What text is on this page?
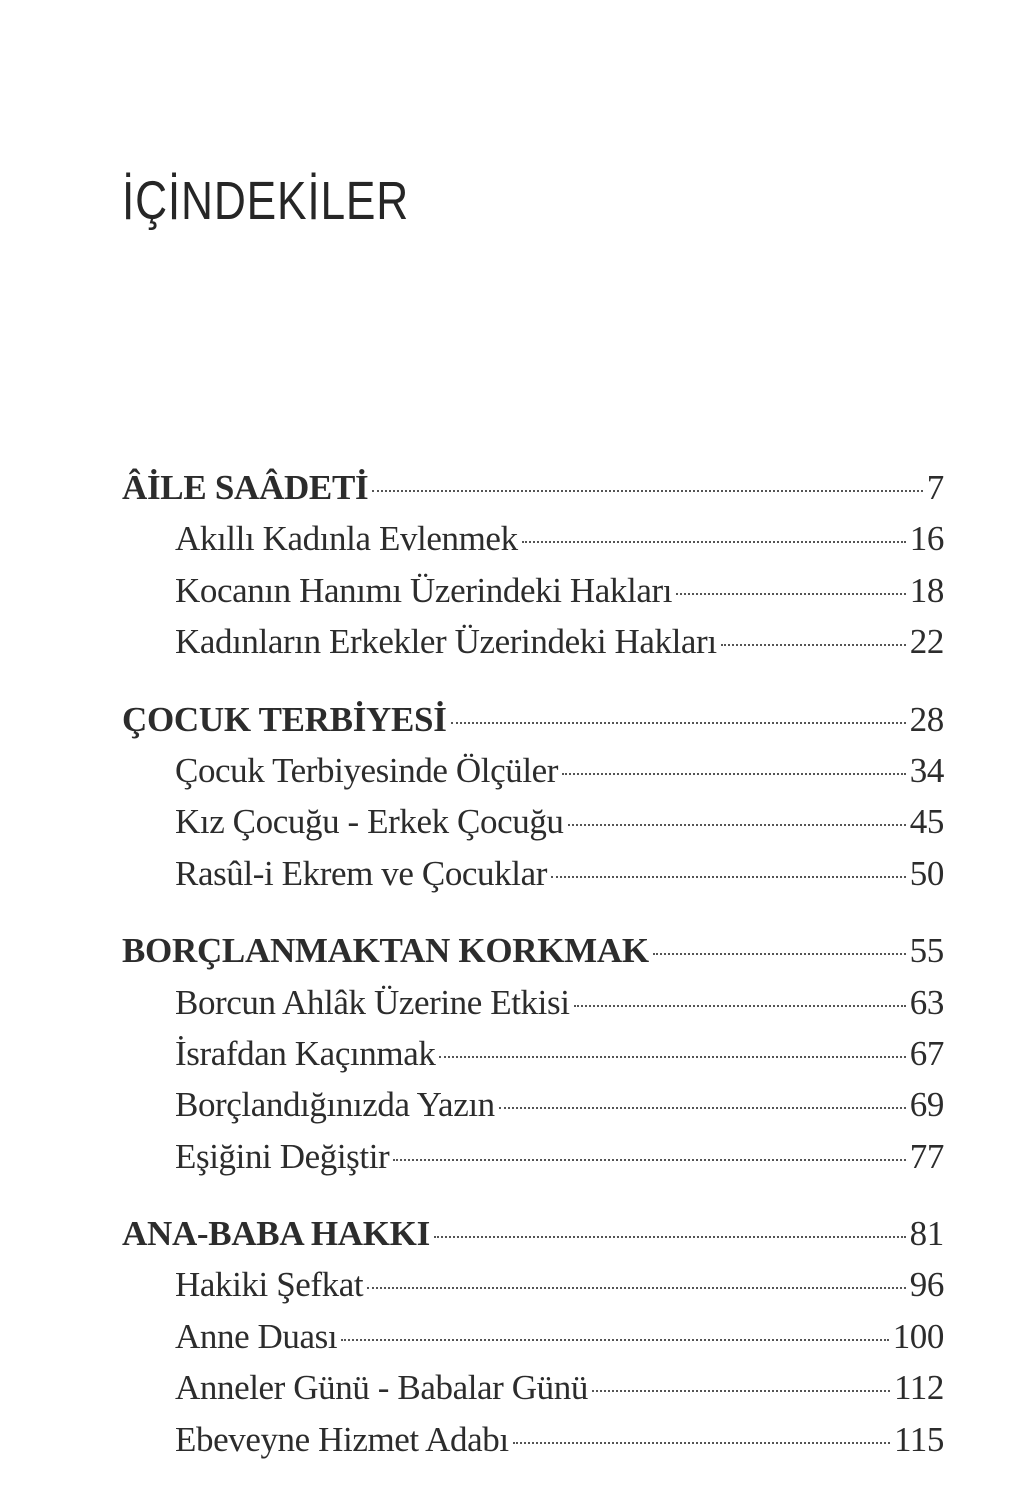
İÇİNDEKİLER
ÂİLE SAÂDETİ	7
Akıllı Kadınla Evlenmek	16
Kocanın Hanımı Üzerindeki Hakları	18
Kadınların Erkekler Üzerindeki Hakları	22
ÇOCUK TERBİYESİ	28
Çocuk Terbiyesinde Ölçüler	34
Kız Çocuğu - Erkek Çocuğu	45
Rasûl-i Ekrem ve Çocuklar	50
BORÇLANMAKTAN KORKMAK	55
Borcun Ahlâk Üzerine Etkisi	63
İsrafdan Kaçınmak	67
Borçlandığınızda Yazın	69
Eşiğini Değiştir	77
ANA-BABA HAKKI	81
Hakiki Şefkat	96
Anne Duası	100
Anneler Günü - Babalar Günü	112
Ebeveyne Hizmet Adabı	115
